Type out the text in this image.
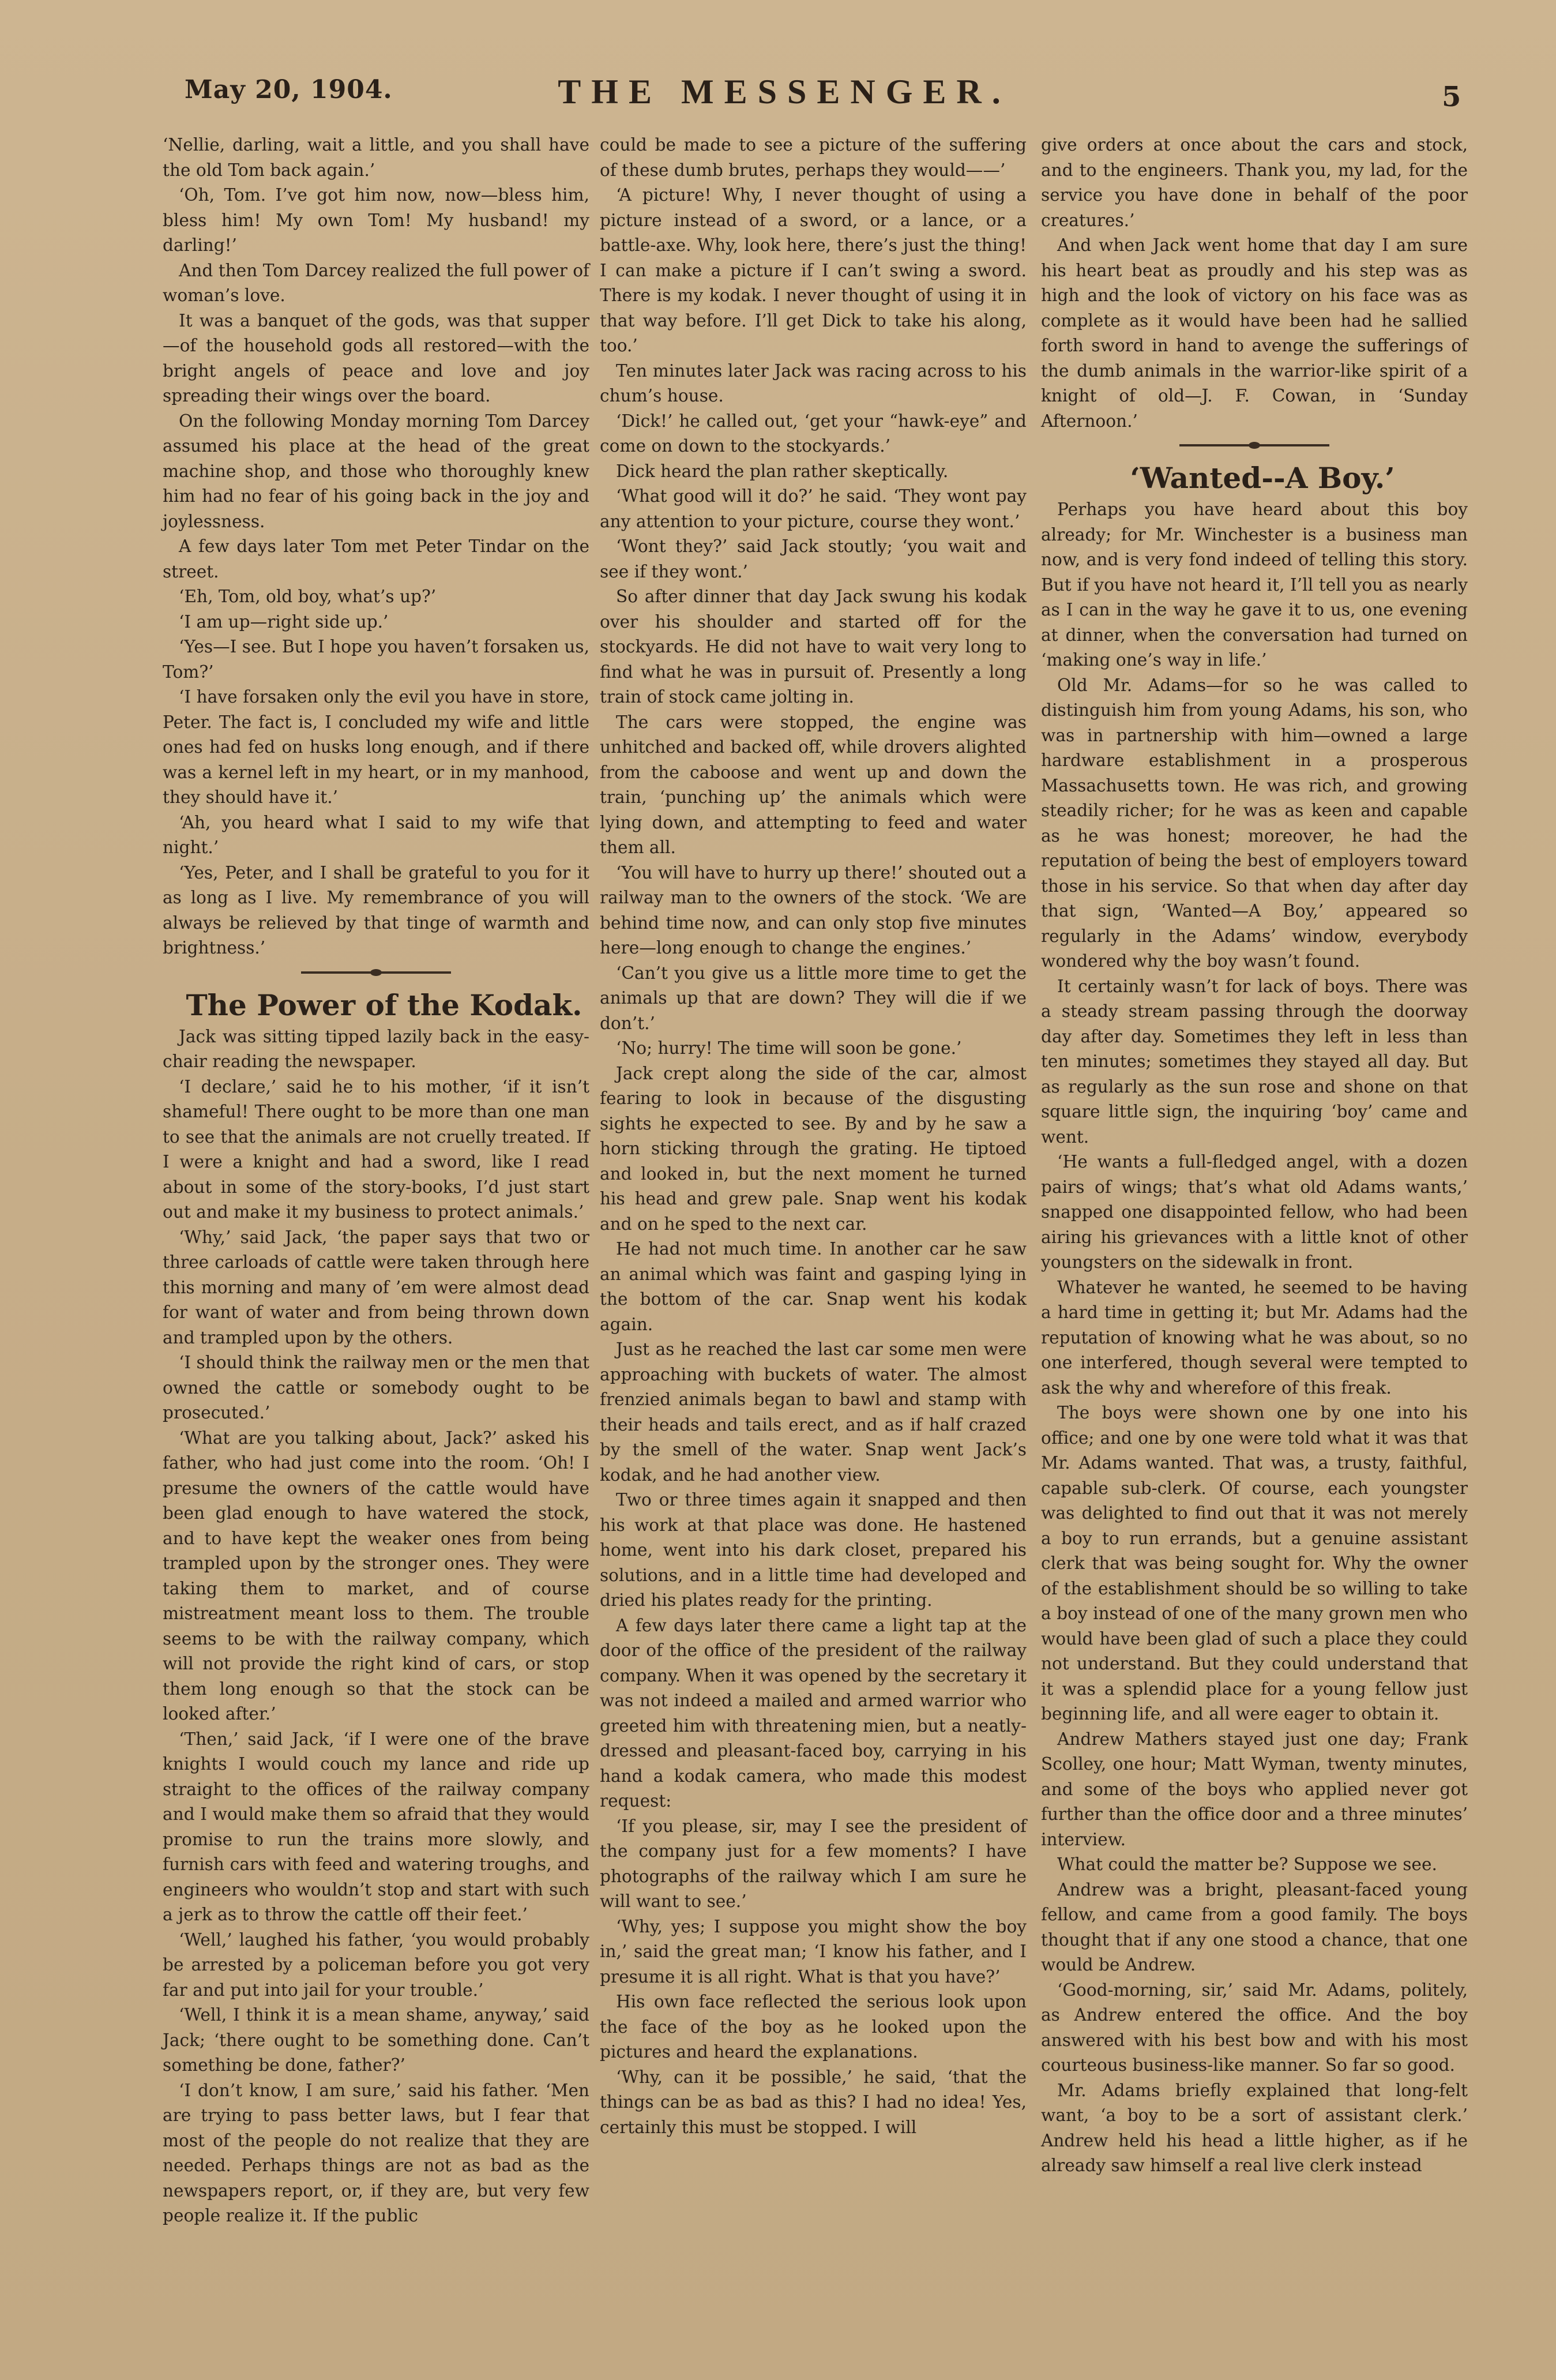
May 20, 1904.	THE MESSENGER.	5

‘Nellie, darling, wait a little, and you shall have the old Tom back again.’

‘Oh, Tom. I’ve got him now, now—bless him, bless him! My own Tom! My husband! my darling!’

And then Tom Darcey realized the full power of woman’s love.

It was a banquet of the gods, was that supper—of the household gods all restored—with the bright angels of peace and love and joy spreading their wings over the board.

On the following Monday morning Tom Darcey assumed his place at the head of the great machine shop, and those who thoroughly knew him had no fear of his going back in the joy and joylessness.

A few days later Tom met Peter Tindar on the street.

‘Eh, Tom, old boy, what’s up?’

‘I am up—right side up.’

‘Yes—I see. But I hope you haven’t forsaken us, Tom?’

‘I have forsaken only the evil you have in store, Peter. The fact is, I concluded my wife and little ones had fed on husks long enough, and if there was a kernel left in my heart, or in my manhood, they should have it.’

‘Ah, you heard what I said to my wife that night.’

‘Yes, Peter, and I shall be grateful to you for it as long as I live. My remembrance of you will always be relieved by that tinge of warmth and brightness.’

The Power of the Kodak.

Jack was sitting tipped lazily back in the easy-chair reading the newspaper.

‘I declare,’ said he to his mother, ‘if it isn’t shameful! There ought to be more than one man to see that the animals are not cruelly treated. If I were a knight and had a sword, like I read about in some of the story-books, I’d just start out and make it my business to protect animals.’

‘Why,’ said Jack, ‘the paper says that two or three carloads of cattle were taken through here this morning and many of ’em were almost dead for want of water and from being thrown down and trampled upon by the others.

‘I should think the railway men or the men that owned the cattle or somebody ought to be prosecuted.’

‘What are you talking about, Jack?’ asked his father, who had just come into the room. ‘Oh! I presume the owners of the cattle would have been glad enough to have watered the stock, and to have kept the weaker ones from being trampled upon by the stronger ones. They were taking them to market, and of course mistreatment meant loss to them. The trouble seems to be with the railway company, which will not provide the right kind of cars, or stop them long enough so that the stock can be looked after.’

‘Then,’ said Jack, ‘if I were one of the brave knights I would couch my lance and ride up straight to the offices of the railway company and I would make them so afraid that they would promise to run the trains more slowly, and furnish cars with feed and watering troughs, and engineers who wouldn’t stop and start with such a jerk as to throw the cattle off their feet.’

‘Well,’ laughed his father, ‘you would probably be arrested by a policeman before you got very far and put into jail for your trouble.’

‘Well, I think it is a mean shame, anyway,’ said Jack; ‘there ought to be something done. Can’t something be done, father?’

‘I don’t know, I am sure,’ said his father. ‘Men are trying to pass better laws, but I fear that most of the people do not realize that they are needed. Perhaps things are not as bad as the newspapers report, or, if they are, but very few people realize it. If the public

could be made to see a picture of the suffering of these dumb brutes, perhaps they would——’

‘A picture! Why, I never thought of using a picture instead of a sword, or a lance, or a battle-axe. Why, look here, there’s just the thing! I can make a picture if I can’t swing a sword. There is my kodak. I never thought of using it in that way before. I’ll get Dick to take his along, too.’

Ten minutes later Jack was racing across to his chum’s house.

‘Dick!’ he called out, ‘get your “hawk-eye” and come on down to the stockyards.’

Dick heard the plan rather skeptically.

‘What good will it do?’ he said. ‘They wont pay any attention to your picture, course they wont.’

‘Wont they?’ said Jack stoutly; ‘you wait and see if they wont.’

So after dinner that day Jack swung his kodak over his shoulder and started off for the stockyards. He did not have to wait very long to find what he was in pursuit of. Presently a long train of stock came jolting in.

The cars were stopped, the engine was unhitched and backed off, while drovers alighted from the caboose and went up and down the train, ‘punching up’ the animals which were lying down, and attempting to feed and water them all.

‘You will have to hurry up there!’ shouted out a railway man to the owners of the stock. ‘We are behind time now, and can only stop five minutes here—long enough to change the engines.’

‘Can’t you give us a little more time to get the animals up that are down? They will die if we don’t.’

‘No; hurry! The time will soon be gone.’

Jack crept along the side of the car, almost fearing to look in because of the disgusting sights he expected to see. By and by he saw a horn sticking through the grating. He tiptoed and looked in, but the next moment he turned his head and grew pale. Snap went his kodak and on he sped to the next car.

He had not much time. In another car he saw an animal which was faint and gasping lying in the bottom of the car. Snap went his kodak again.

Just as he reached the last car some men were approaching with buckets of water. The almost frenzied animals began to bawl and stamp with their heads and tails erect, and as if half crazed by the smell of the water. Snap went Jack’s kodak, and he had another view.

Two or three times again it snapped and then his work at that place was done. He hastened home, went into his dark closet, prepared his solutions, and in a little time had developed and dried his plates ready for the printing.

A few days later there came a light tap at the door of the office of the president of the railway company. When it was opened by the secretary it was not indeed a mailed and armed warrior who greeted him with threatening mien, but a neatly-dressed and pleasant-faced boy, carrying in his hand a kodak camera, who made this modest request:

‘If you please, sir, may I see the president of the company just for a few moments? I have photographs of the railway which I am sure he will want to see.’

‘Why, yes; I suppose you might show the boy in,’ said the great man; ‘I know his father, and I presume it is all right. What is that you have?’

His own face reflected the serious look upon the face of the boy as he looked upon the pictures and heard the explanations.

‘Why, can it be possible,’ he said, ‘that the things can be as bad as this? I had no idea! Yes, certainly this must be stopped. I will

give orders at once about the cars and stock, and to the engineers. Thank you, my lad, for the service you have done in behalf of the poor creatures.’

And when Jack went home that day I am sure his heart beat as proudly and his step was as high and the look of victory on his face was as complete as it would have been had he sallied forth sword in hand to avenge the sufferings of the dumb animals in the warrior-like spirit of a knight of old—J. F. Cowan, in ‘Sunday Afternoon.’

‘Wanted--A Boy.’

Perhaps you have heard about this boy already; for Mr. Winchester is a business man now, and is very fond indeed of telling this story. But if you have not heard it, I’ll tell you as nearly as I can in the way he gave it to us, one evening at dinner, when the conversation had turned on ‘making one’s way in life.’

Old Mr. Adams—for so he was called to distinguish him from young Adams, his son, who was in partnership with him—owned a large hardware establishment in a prosperous Massachusetts town. He was rich, and growing steadily richer; for he was as keen and capable as he was honest; moreover, he had the reputation of being the best of employers toward those in his service. So that when day after day that sign, ‘Wanted—A Boy,’ appeared so regularly in the Adams’ window, everybody wondered why the boy wasn’t found.

It certainly wasn’t for lack of boys. There was a steady stream passing through the doorway day after day. Sometimes they left in less than ten minutes; sometimes they stayed all day. But as regularly as the sun rose and shone on that square little sign, the inquiring ‘boy’ came and went.

‘He wants a full-fledged angel, with a dozen pairs of wings; that’s what old Adams wants,’ snapped one disappointed fellow, who had been airing his grievances with a little knot of other youngsters on the sidewalk in front.

Whatever he wanted, he seemed to be having a hard time in getting it; but Mr. Adams had the reputation of knowing what he was about, so no one interfered, though several were tempted to ask the why and wherefore of this freak.

The boys were shown one by one into his office; and one by one were told what it was that Mr. Adams wanted. That was, a trusty, faithful, capable sub-clerk. Of course, each youngster was delighted to find out that it was not merely a boy to run errands, but a genuine assistant clerk that was being sought for. Why the owner of the establishment should be so willing to take a boy instead of one of the many grown men who would have been glad of such a place they could not understand. But they could understand that it was a splendid place for a young fellow just beginning life, and all were eager to obtain it.

Andrew Mathers stayed just one day; Frank Scolley, one hour; Matt Wyman, twenty minutes, and some of the boys who applied never got further than the office door and a three minutes’ interview.

What could the matter be? Suppose we see.

Andrew was a bright, pleasant-faced young fellow, and came from a good family. The boys thought that if any one stood a chance, that one would be Andrew.

‘Good-morning, sir,’ said Mr. Adams, politely, as Andrew entered the office. And the boy answered with his best bow and with his most courteous business-like manner. So far so good.

Mr. Adams briefly explained that long-felt want, ‘a boy to be a sort of assistant clerk.’ Andrew held his head a little higher, as if he already saw himself a real live clerk instead
